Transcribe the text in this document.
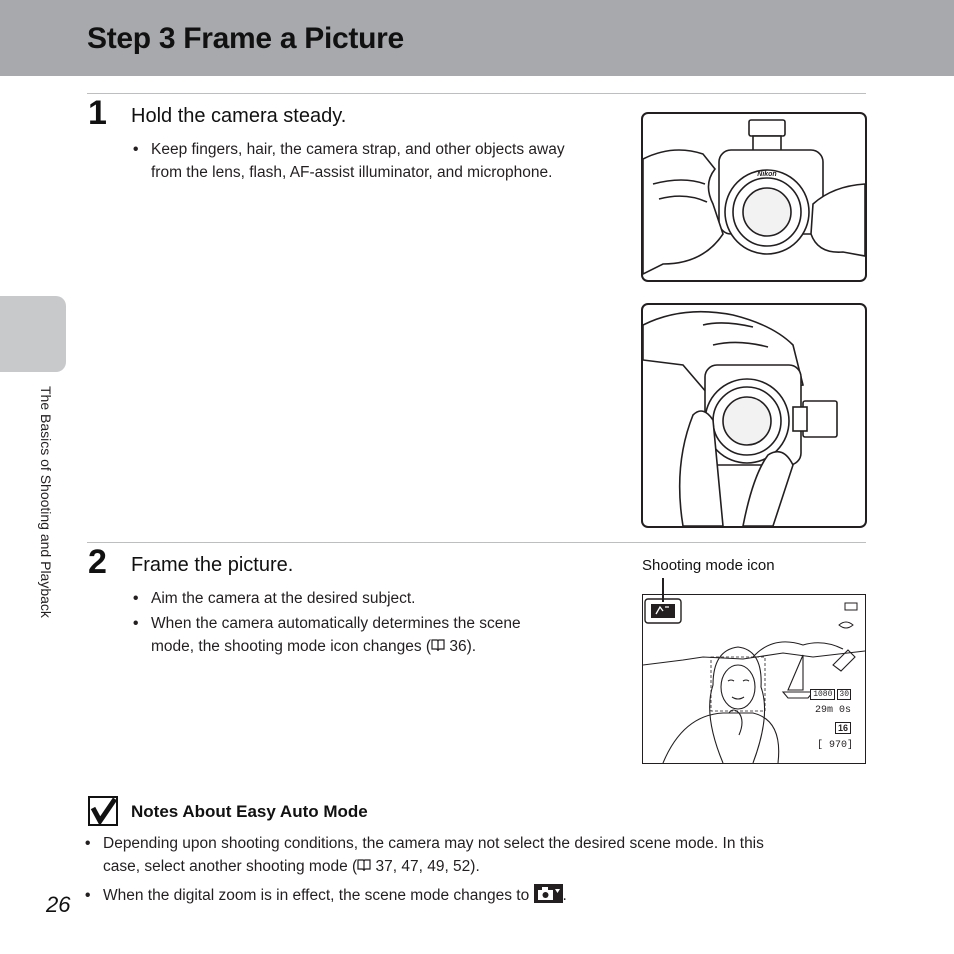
Step 3 Frame a Picture
The Basics of Shooting and Playback
1 Hold the camera steady.
• Keep fingers, hair, the camera strap, and other objects away
from the lens, flash, AF-assist illuminator, and microphone.	Nikon
2 Frame the picture.
• Aim the camera at the desired subject.
• When the camera automatically determines the scene
mode, the shooting mode icon changes ( 36).
Shooting mode icon
1080 30
29m 0s
16
[ 970]
Notes About Easy Auto Mode
• Depending upon shooting conditions, the camera may not select the desired scene mode. In this
case, select another shooting mode ( 37, 47, 49, 52).
• When the digital zoom is in effect, the scene mode changes to .
26
